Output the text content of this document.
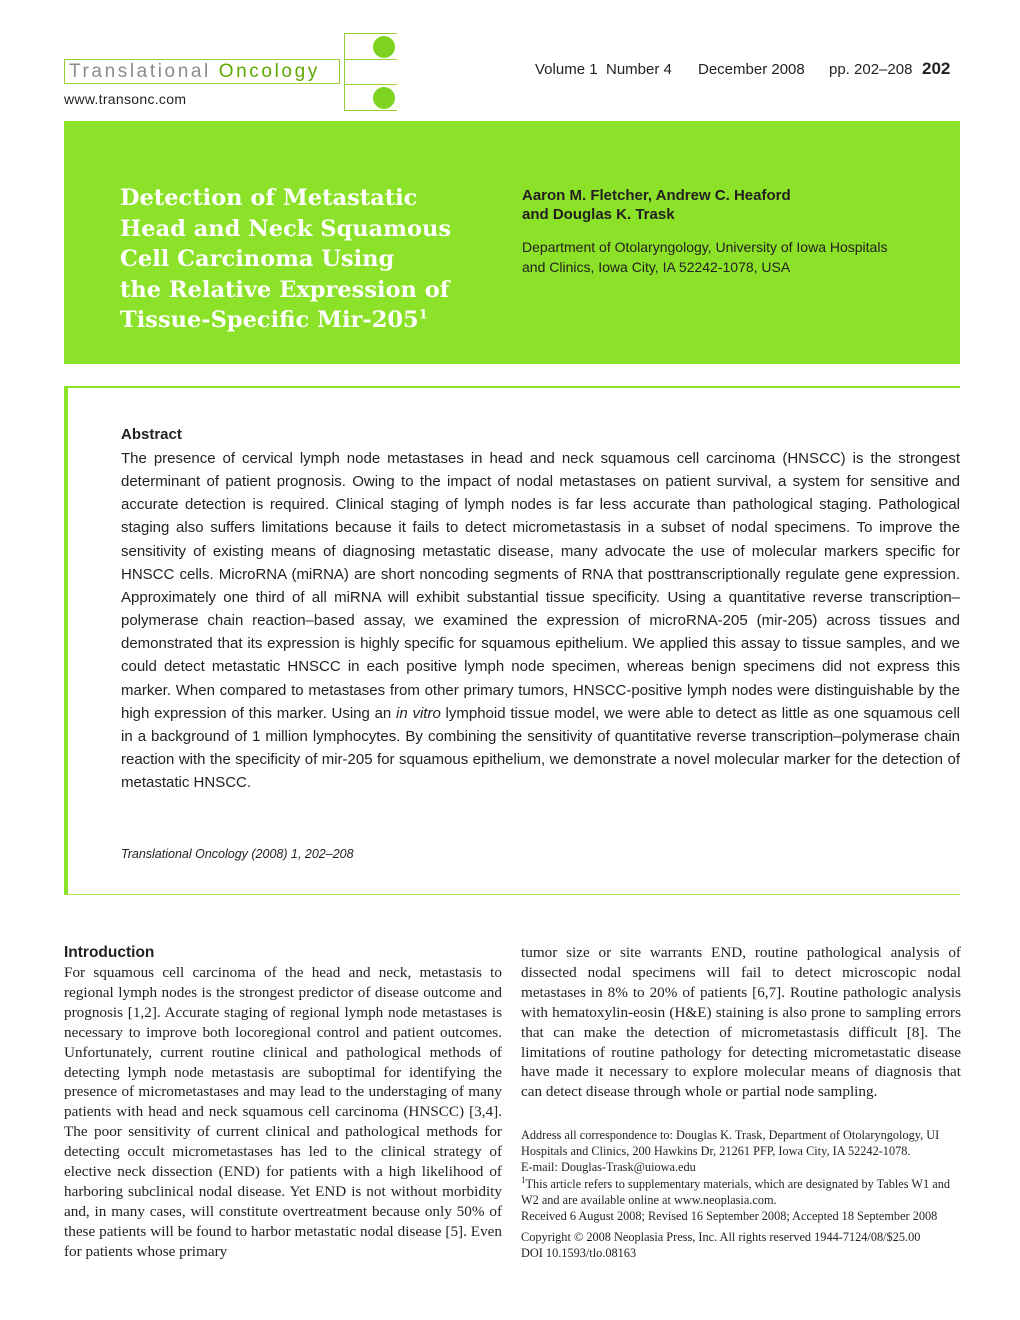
Translational Oncology
www.transonc.com
Volume 1 Number 4 December 2008 pp. 202–208 202
Detection of Metastatic
Head and Neck Squamous
Cell Carcinoma Using
the Relative Expression of
Tissue-Specific Mir-$205^1$
Aaron M. Fletcher, Andrew C. Heaford
and Douglas K. Trask
Department of Otolaryngology, University of Iowa Hospitals
and Clinics, Iowa City, IA 52242-1078, USA
Abstract
The presence of cervical lymph node metastases in head and neck squamous cell carcinoma (HNSCC) is the strongest determinant of patient prognosis. Owing to the impact of nodal metastases on patient survival, a system for sensitive and accurate detection is required. Clinical staging of lymph nodes is far less accurate than pathological staging. Pathological staging also suffers limitations because it fails to detect micrometastasis in a subset of nodal specimens. To improve the sensitivity of existing means of diagnosing metastatic disease, many advocate the use of molecular markers specific for HNSCC cells. MicroRNA (miRNA) are short noncoding segments of RNA that posttranscriptionally regulate gene expression. Approximately one third of all miRNA will exhibit substantial tissue specificity. Using a quantitative reverse transcription–polymerase chain reaction–based assay, we examined the expression of microRNA-205 (mir-205) across tissues and demonstrated that its expression is highly specific for squamous epithelium. We applied this assay to tissue samples, and we could detect metastatic HNSCC in each positive lymph node specimen, whereas benign specimens did not express this marker. When compared to metastases from other primary tumors, HNSCC-positive lymph nodes were distinguishable by the high expression of this marker. Using an in vitro lymphoid tissue model, we were able to detect as little as one squamous cell in a background of 1 million lymphocytes. By combining the sensitivity of quantitative reverse transcription–polymerase chain reaction with the specificity of mir-205 for squamous epithelium, we demonstrate a novel molecular marker for the detection of metastatic HNSCC.
Translational Oncology (2008) 1, 202–208
Introduction
For squamous cell carcinoma of the head and neck, metastasis to regional lymph nodes is the strongest predictor of disease outcome and prognosis [1,2]. Accurate staging of regional lymph node metastases is necessary to improve both locoregional control and patient outcomes. Unfortunately, current routine clinical and pathological methods of detecting lymph node metastasis are suboptimal for identifying the presence of micrometastases and may lead to the understaging of many patients with head and neck squamous cell carcinoma (HNSCC) [3,4]. The poor sensitivity of current clinical and pathological methods for detecting occult micrometastases has led to the clinical strategy of elective neck dissection (END) for patients with a high likelihood of harboring subclinical nodal disease. Yet END is not without morbidity and, in many cases, will constitute overtreatment because only 50% of these patients will be found to harbor metastatic nodal disease [5]. Even for patients whose primary
tumor size or site warrants END, routine pathological analysis of dissected nodal specimens will fail to detect microscopic nodal metastases in 8% to 20% of patients [6,7]. Routine pathologic analysis with hematoxylin-eosin (H&E) staining is also prone to sampling errors that can make the detection of micrometastasis difficult [8]. The limitations of routine pathology for detecting micrometastatic disease have made it necessary to explore molecular means of diagnosis that can detect disease through whole or partial node sampling.

Address all correspondence to: Douglas K. Trask, Department of Otolaryngology, UI Hospitals and Clinics, 200 Hawkins Dr, 21261 PFP, Iowa City, IA 52242-1078.

E-mail: Douglas-Trask@uiowa.edu

$^1$This article refers to supplementary materials, which are designated by Tables W1 and W2 and are available online at www.neoplasia.com.

Received 6 August 2008; Revised 16 September 2008; Accepted 18 September 2008

Copyright © 2008 Neoplasia Press, Inc. All rights reserved 1944-7124/08/$25.00

DOI 10.1593/tlo.08163
